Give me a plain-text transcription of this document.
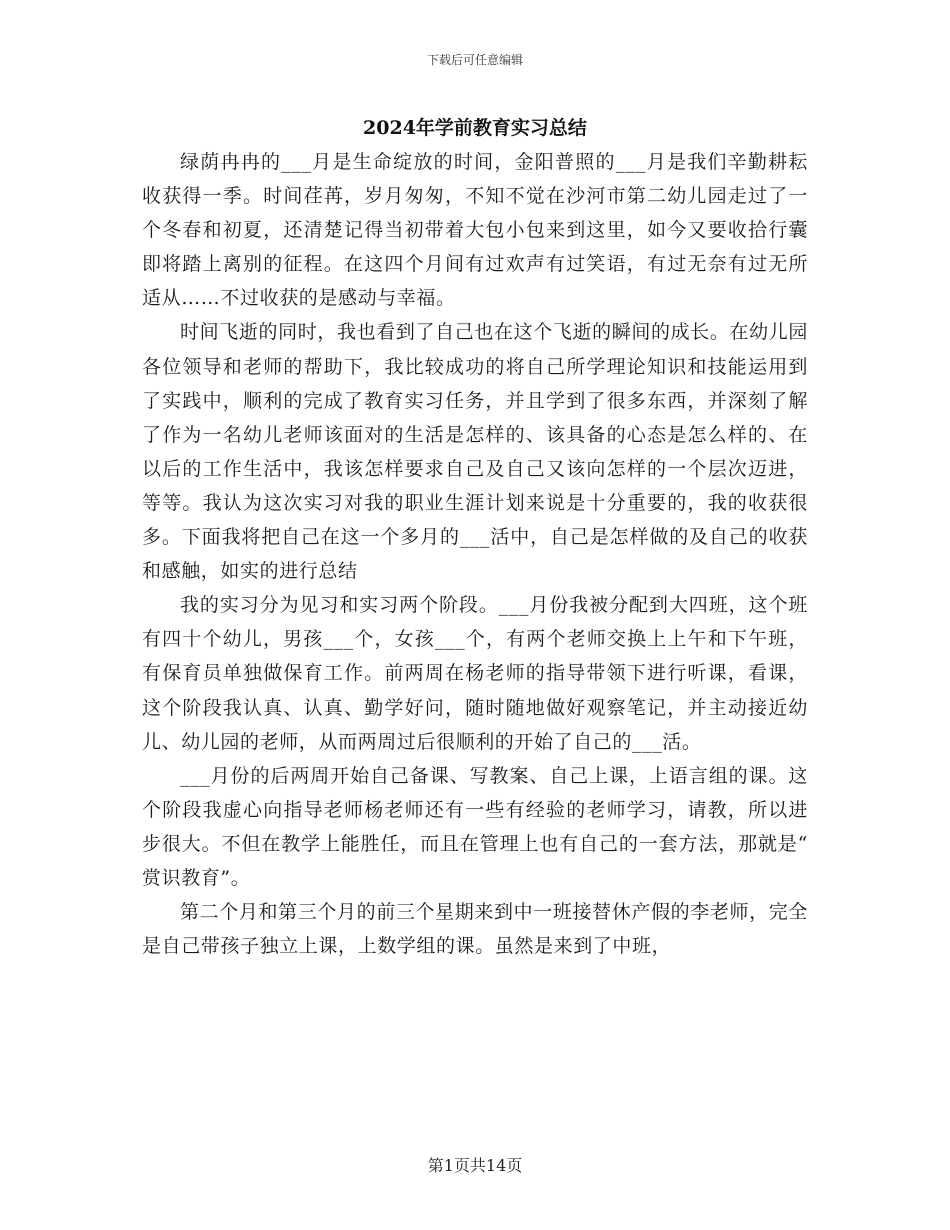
下载后可任意编辑
2024年学前教育实习总结

绿荫冉冉的___月是生命绽放的时间，金阳普照的___月是我们辛勤耕耘收获得一季。时间荏苒，岁月匆匆，不知不觉在沙河市第二幼儿园走过了一个冬春和初夏，还清楚记得当初带着大包小包来到这里，如今又要收拾行囊即将踏上离别的征程。在这四个月间有过欢声有过笑语，有过无奈有过无所适从……不过收获的是感动与幸福。

时间飞逝的同时，我也看到了自己也在这个飞逝的瞬间的成长。在幼儿园各位领导和老师的帮助下，我比较成功的将自己所学理论知识和技能运用到了实践中，顺利的完成了教育实习任务，并且学到了很多东西，并深刻了解了作为一名幼儿老师该面对的生活是怎样的、该具备的心态是怎么样的、在以后的工作生活中，我该怎样要求自己及自己又该向怎样的一个层次迈进，等等。我认为这次实习对我的职业生涯计划来说是十分重要的，我的收获很多。下面我将把自己在这一个多月的___活中，自己是怎样做的及自己的收获和感触，如实的进行总结

我的实习分为见习和实习两个阶段。___月份我被分配到大四班，这个班有四十个幼儿，男孩___个，女孩___个，有两个老师交换上上午和下午班，有保育员单独做保育工作。前两周在杨老师的指导带领下进行听课，看课，这个阶段我认真、认真、勤学好问，随时随地做好观察笔记，并主动接近幼儿、幼儿园的老师，从而两周过后很顺利的开始了自己的___活。

___月份的后两周开始自己备课、写教案、自己上课，上语言组的课。这个阶段我虚心向指导老师杨老师还有一些有经验的老师学习，请教，所以进步很大。不但在教学上能胜任，而且在管理上也有自己的一套方法，那就是“赏识教育”。

第二个月和第三个月的前三个星期来到中一班接替休产假的李老师，完全是自己带孩子独立上课，上数学组的课。虽然是来到了中班，

第1页共14页
